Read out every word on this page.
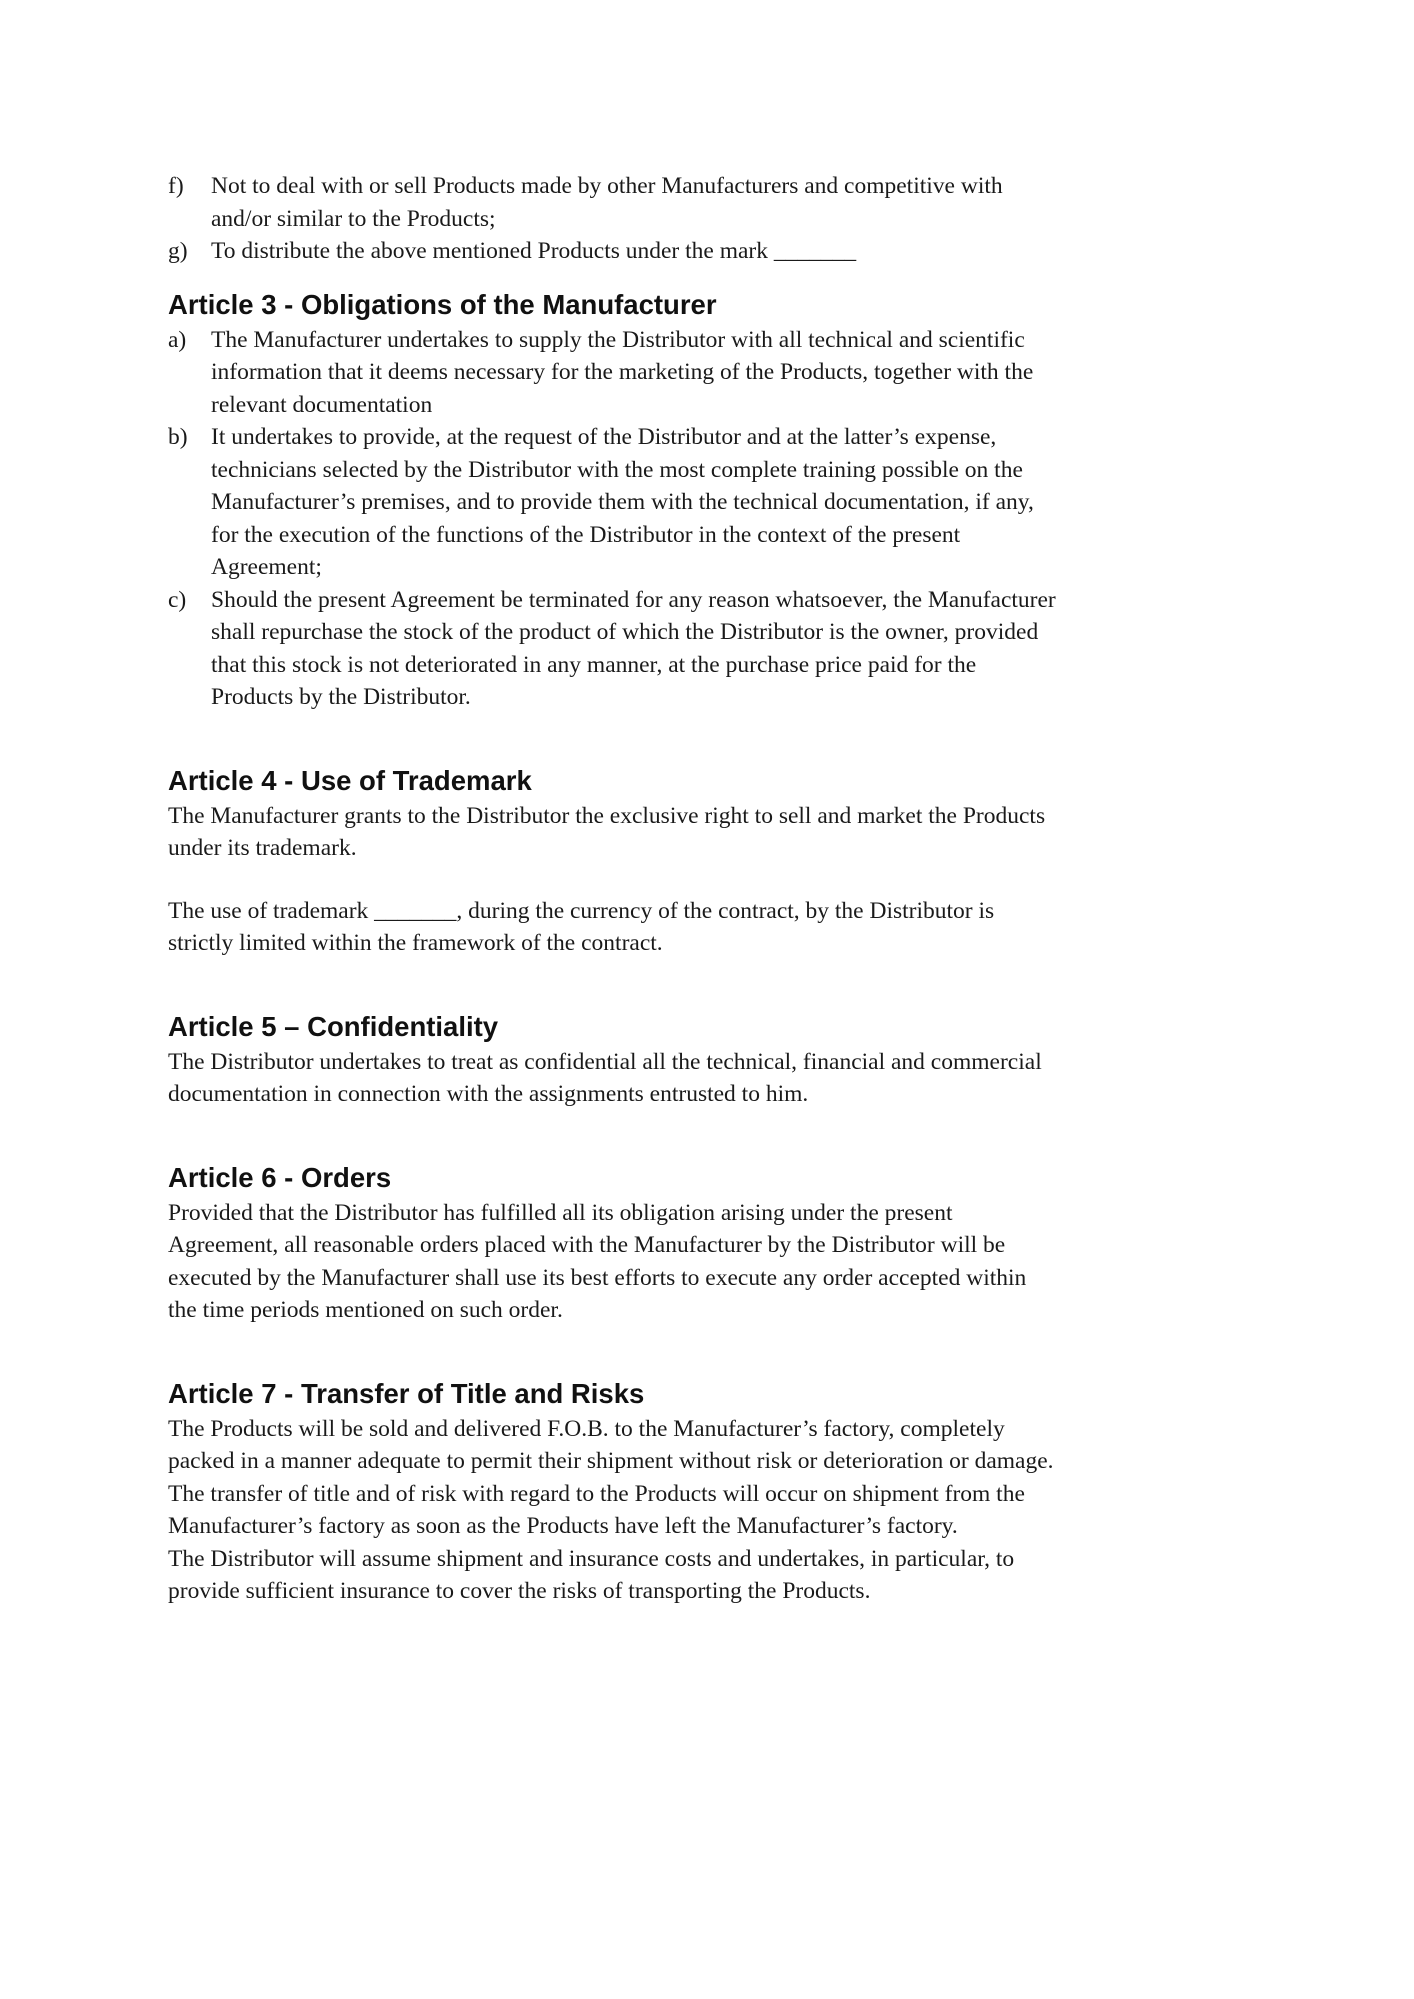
f)	Not to deal with or sell Products made by other Manufacturers and competitive with
and/or similar to the Products;
g) To distribute the above mentioned Products under the mark _______
Article 3 - Obligations of the Manufacturer
a)	The Manufacturer undertakes to supply the Distributor with all technical and scientific
information that it deems necessary for the marketing of the Products, together with the
relevant documentation
b) It undertakes to provide, at the request of the Distributor and at the latter’s expense,
technicians selected by the Distributor with the most complete training possible on the
Manufacturer’s premises, and to provide them with the technical documentation, if any,
for the execution of the functions of the Distributor in the context of the present
Agreement;
c)	Should the present Agreement be terminated for any reason whatsoever, the Manufacturer
shall repurchase the stock of the product of which the Distributor is the owner, provided
that this stock is not deteriorated in any manner, at the purchase price paid for the
Products by the Distributor.
Article 4 - Use of Trademark
The Manufacturer grants to the Distributor the exclusive right to sell and market the Products
under its trademark.
The use of trademark _______, during the currency of the contract, by the Distributor is
strictly limited within the framework of the contract.
Article 5 – Confidentiality
The Distributor undertakes to treat as confidential all the technical, financial and commercial
documentation in connection with the assignments entrusted to him.
Article 6 - Orders
Provided that the Distributor has fulfilled all its obligation arising under the present
Agreement, all reasonable orders placed with the Manufacturer by the Distributor will be
executed by the Manufacturer shall use its best efforts to execute any order accepted within
the time periods mentioned on such order.
Article 7 - Transfer of Title and Risks
The Products will be sold and delivered F.O.B. to the Manufacturer’s factory, completely
packed in a manner adequate to permit their shipment without risk or deterioration or damage.
The transfer of title and of risk with regard to the Products will occur on shipment from the
Manufacturer’s factory as soon as the Products have left the Manufacturer’s factory.
The Distributor will assume shipment and insurance costs and undertakes, in particular, to
provide sufficient insurance to cover the risks of transporting the Products.
